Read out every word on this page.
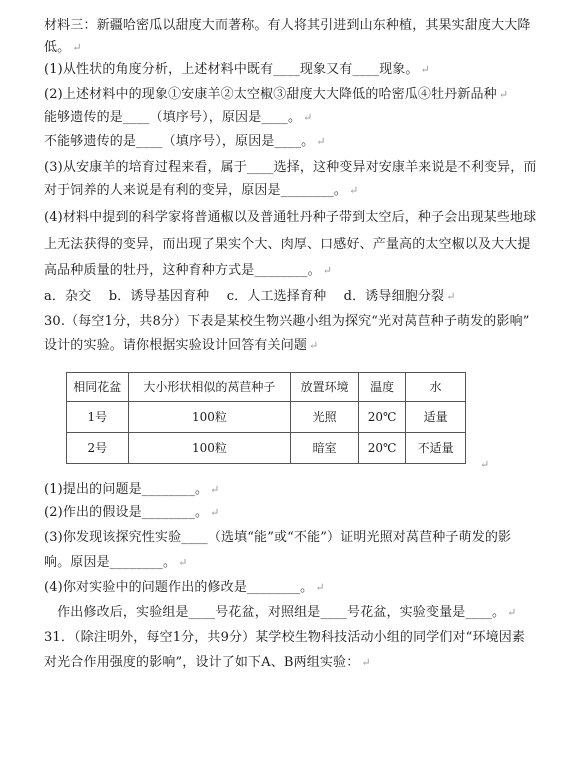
材料三：新疆哈密瓜以甜度大而著称。有人将其引进到山东种植，其果实甜度大大降
低。 ↵
(1)从性状的角度分析，上述材料中既有____现象又有____现象。 ↵
(2)上述材料中的现象①安康羊②太空椒③甜度大大降低的哈密瓜④牡丹新品种 ↵
能够遗传的是____（填序号），原因是____。 ↵
不能够遗传的是____（填序号），原因是____。 ↵
(3)从安康羊的培育过程来看，属于____选择，这种变异对安康羊来说是不利变异，而
对于饲养的人来说是有利的变异，原因是________。 ↵
(4)材料中提到的科学家将普通椒以及普通牡丹种子带到太空后，种子会出现某些地球
上无法获得的变异，而出现了果实个大、肉厚、口感好、产量高的太空椒以及大大提
高品种质量的牡丹，这种育种方式是________。 ↵
a．杂交　 b．诱导基因育种　 c．人工选择育种　 d．诱导细胞分裂 ↵
30.（每空1分，共8分）下表是某校生物兴趣小组为探究“光对莴苣种子萌发的影响”
设计的实验。请你根据实验设计回答有关问题 ↵
相同花盆	大小形状相似的莴苣种子	放置环境	温度	水
1号	100粒	光照	20℃	适量
2号	100粒	暗室	20℃	不适量
↵
(1)提出的问题是________。 ↵
(2)作出的假设是________。 ↵
(3)你发现该探究性实验____（选填“能”或“不能”）证明光照对莴苣种子萌发的影
响。原因是________。 ↵
(4)你对实验中的问题作出的修改是________。 ↵
　作出修改后，实验组是____号花盆，对照组是____号花盆，实验变量是____。 ↵
31．（除注明外，每空1分，共9分）某学校生物科技活动小组的同学们对“环境因素
对光合作用强度的影响”，设计了如下A、B两组实验： ↵
